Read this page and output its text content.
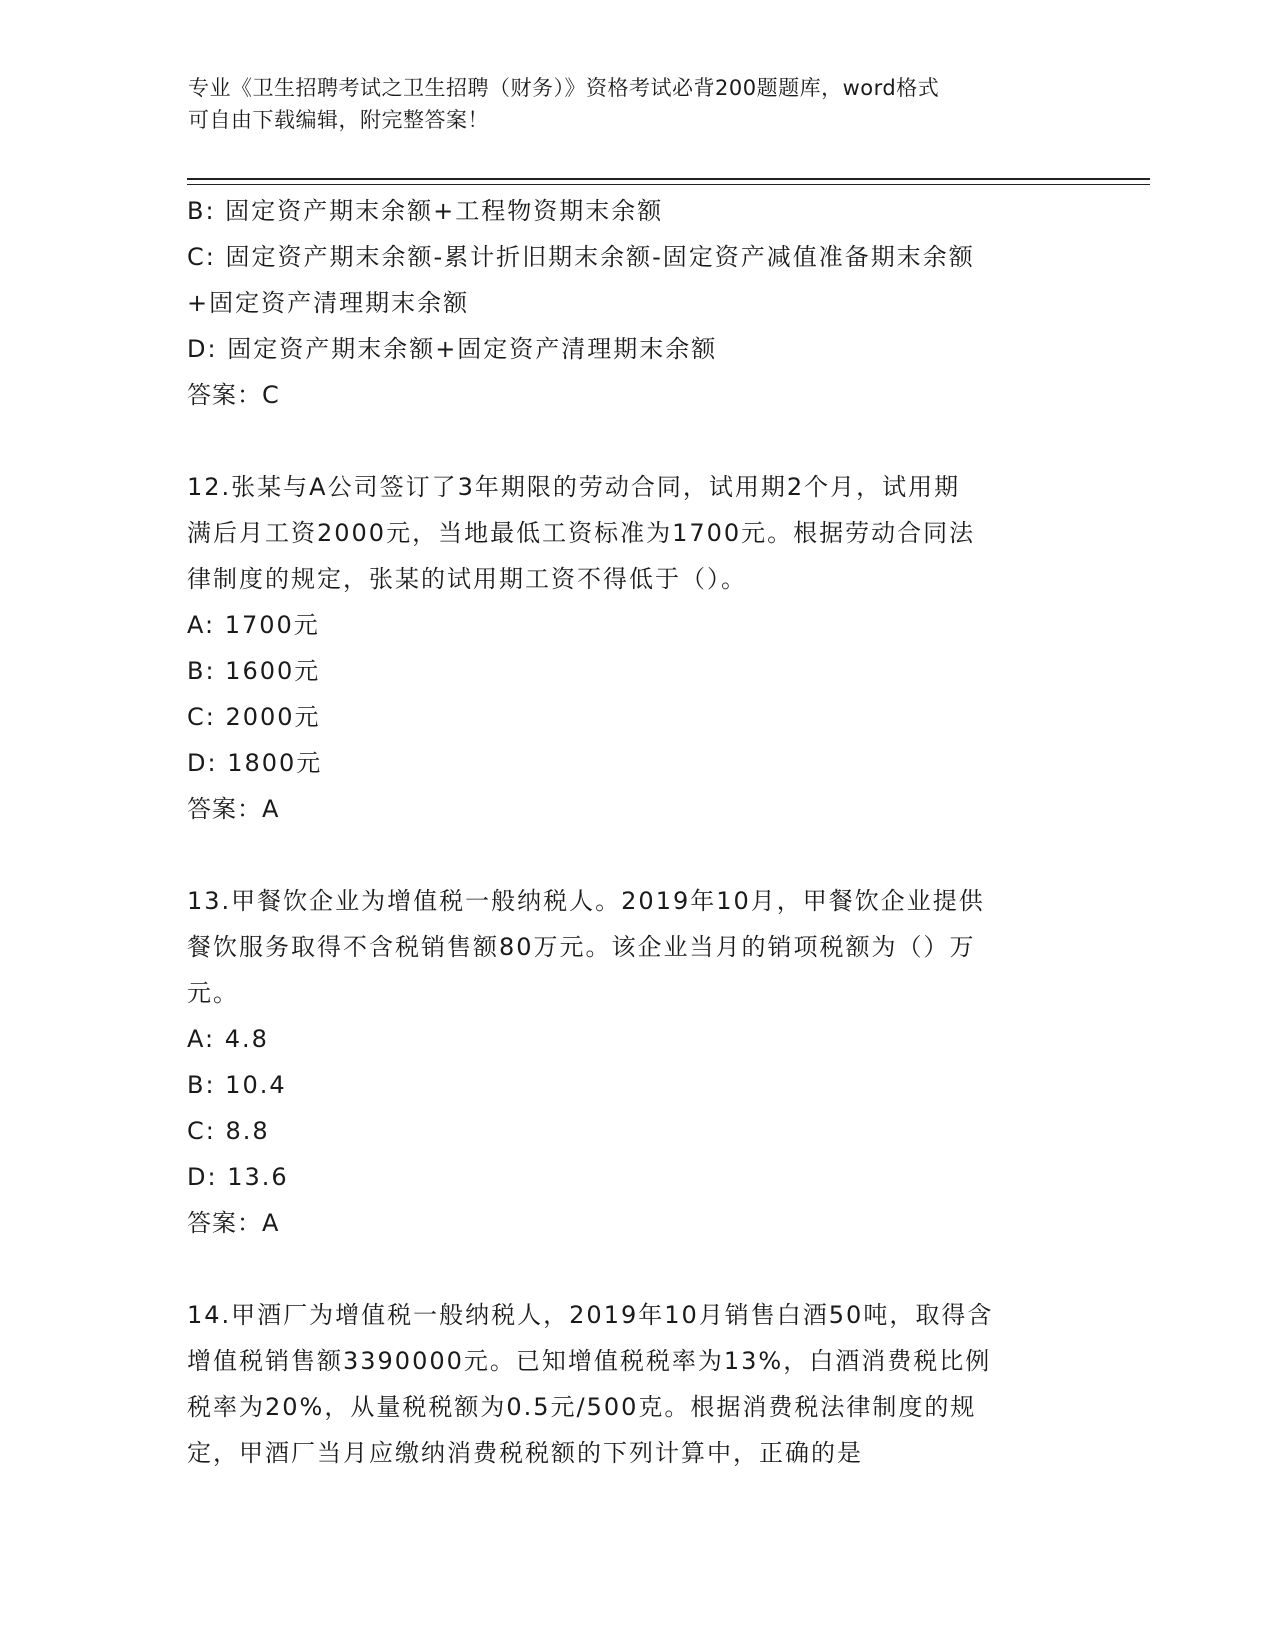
专业《卫生招聘考试之卫生招聘（财务）》资格考试必背200题题库，word格式
可自由下载编辑，附完整答案！

B: 固定资产期末余额+工程物资期末余额

C: 固定资产期末余额-累计折旧期末余额-固定资产减值准备期末余额

+固定资产清理期末余额

D: 固定资产期末余额+固定资产清理期末余额

答案：C

12.张某与A公司签订了3年期限的劳动合同，试用期2个月，试用期

满后月工资2000元，当地最低工资标准为1700元。根据劳动合同法

律制度的规定，张某的试用期工资不得低于（）。

A: 1700元

B: 1600元

C: 2000元

D: 1800元

答案：A

13.甲餐饮企业为增值税一般纳税人。2019年10月，甲餐饮企业提供

餐饮服务取得不含税销售额80万元。该企业当月的销项税额为（）万

元。

A: 4.8

B: 10.4

C: 8.8

D: 13.6

答案：A

14.甲酒厂为增值税一般纳税人，2019年10月销售白酒50吨，取得含

增值税销售额3390000元。已知增值税税率为13%，白酒消费税比例

税率为20%，从量税税额为0.5元/500克。根据消费税法律制度的规

定，甲酒厂当月应缴纳消费税税额的下列计算中，正确的是
